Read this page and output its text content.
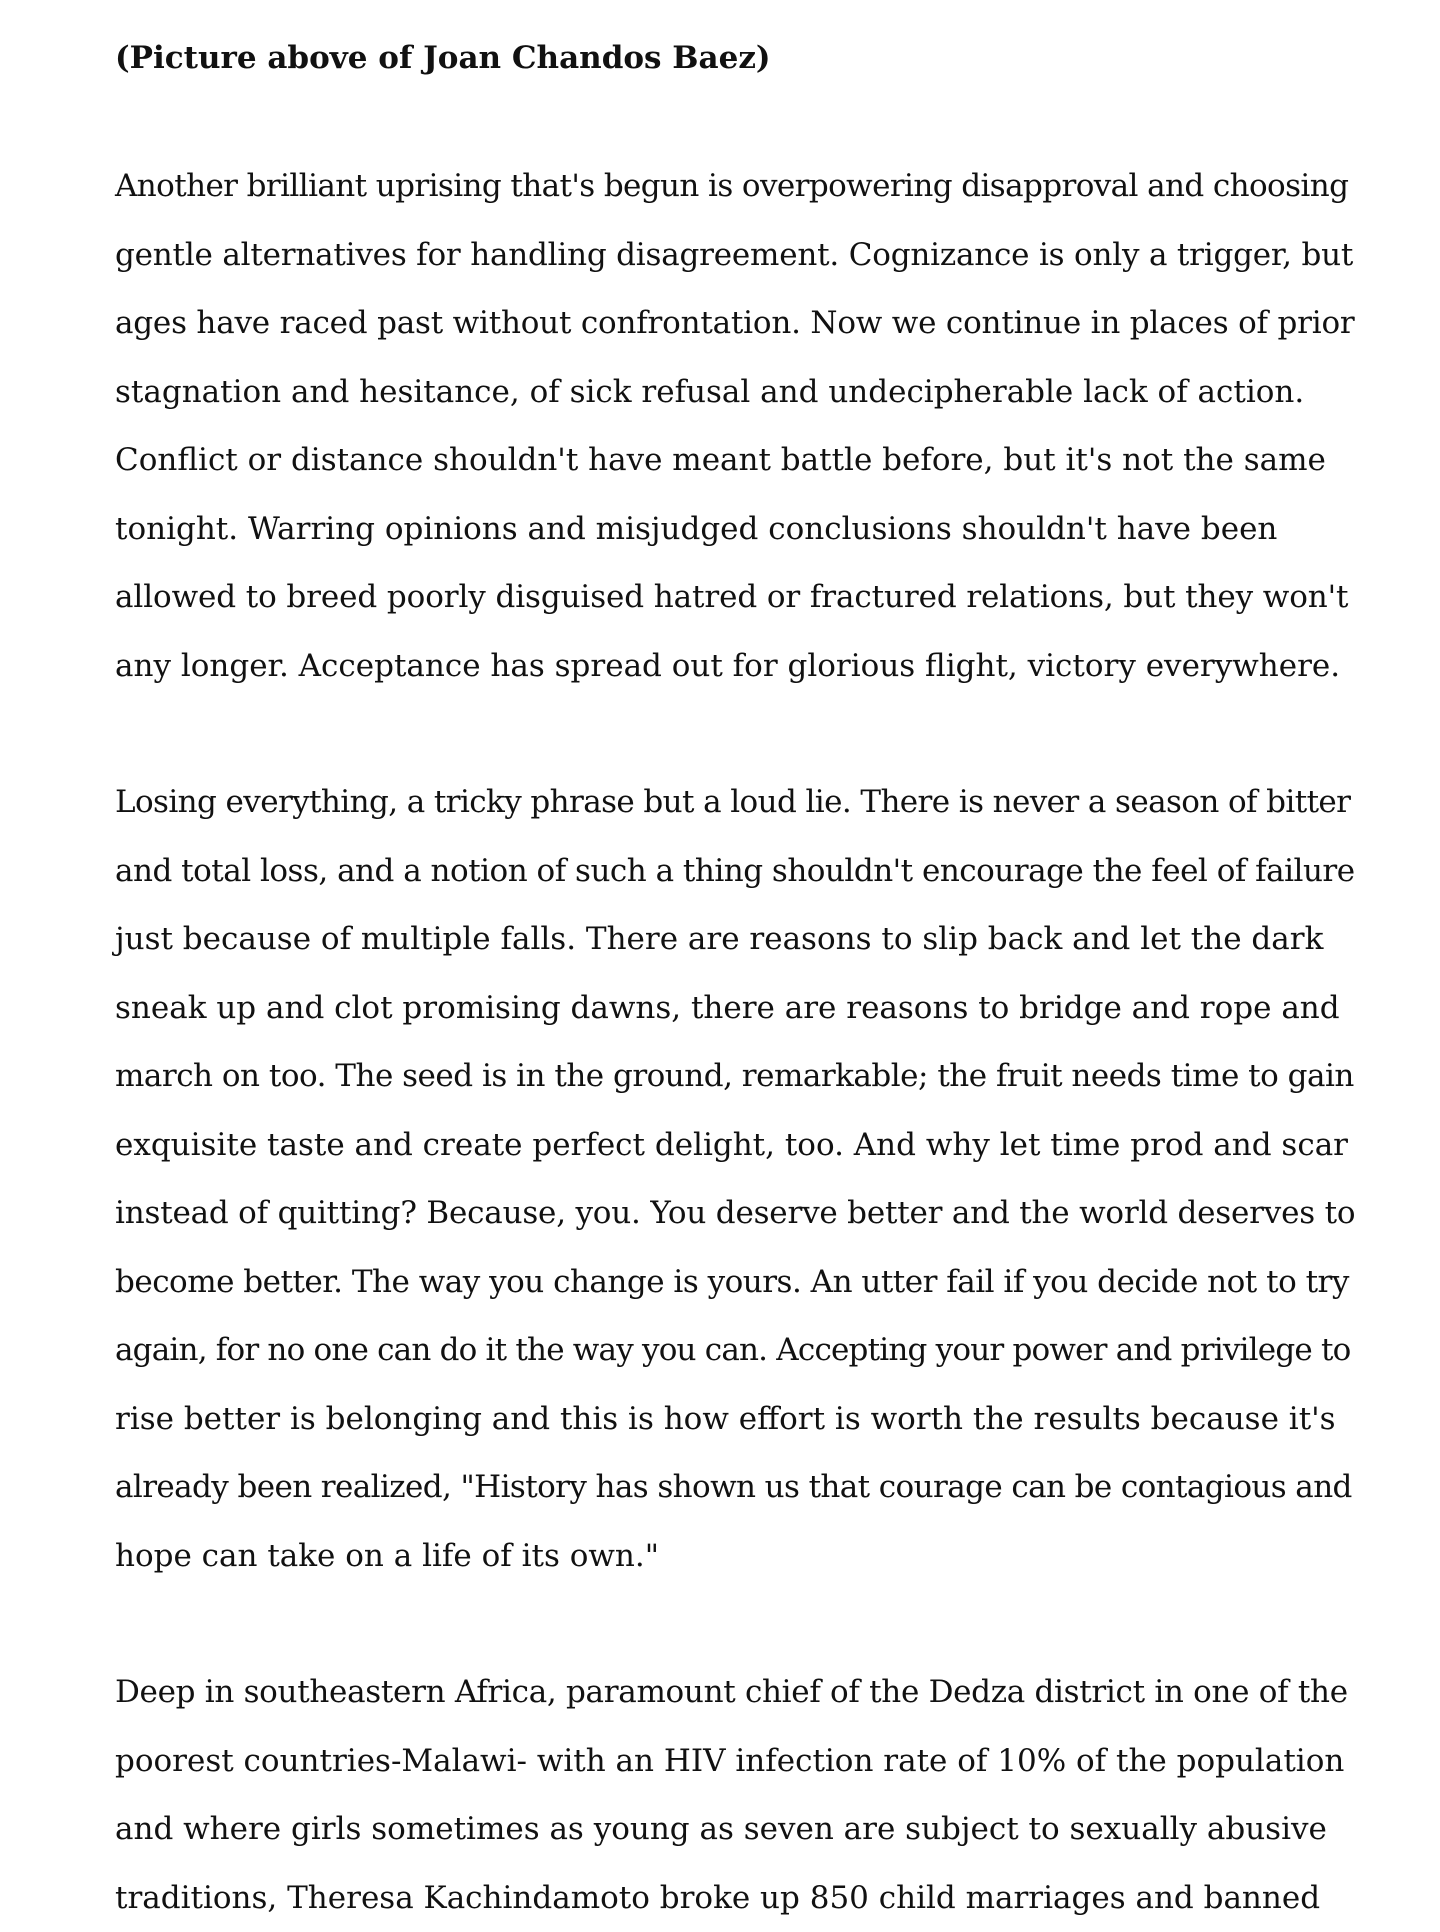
(Picture above of Joan Chandos Baez)

Another brilliant uprising that's begun is overpowering disapproval and choosing
gentle alternatives for handling disagreement. Cognizance is only a trigger, but
ages have raced past without confrontation. Now we continue in places of prior
stagnation and hesitance, of sick refusal and undecipherable lack of action.
Conflict or distance shouldn't have meant battle before, but it's not the same
tonight. Warring opinions and misjudged conclusions shouldn't have been
allowed to breed poorly disguised hatred or fractured relations, but they won't
any longer. Acceptance has spread out for glorious flight, victory everywhere.

Losing everything, a tricky phrase but a loud lie. There is never a season of bitter
and total loss, and a notion of such a thing shouldn't encourage the feel of failure
just because of multiple falls. There are reasons to slip back and let the dark
sneak up and clot promising dawns, there are reasons to bridge and rope and
march on too. The seed is in the ground, remarkable; the fruit needs time to gain
exquisite taste and create perfect delight, too. And why let time prod and scar
instead of quitting? Because, you. You deserve better and the world deserves to
become better. The way you change is yours. An utter fail if you decide not to try
again, for no one can do it the way you can. Accepting your power and privilege to
rise better is belonging and this is how effort is worth the results because it's
already been realized, "History has shown us that courage can be contagious and
hope can take on a life of its own."

Deep in southeastern Africa, paramount chief of the Dedza district in one of the
poorest countries-Malawi- with an HIV infection rate of 10% of the population
and where girls sometimes as young as seven are subject to sexually abusive
traditions, Theresa Kachindamoto broke up 850 child marriages and banned
